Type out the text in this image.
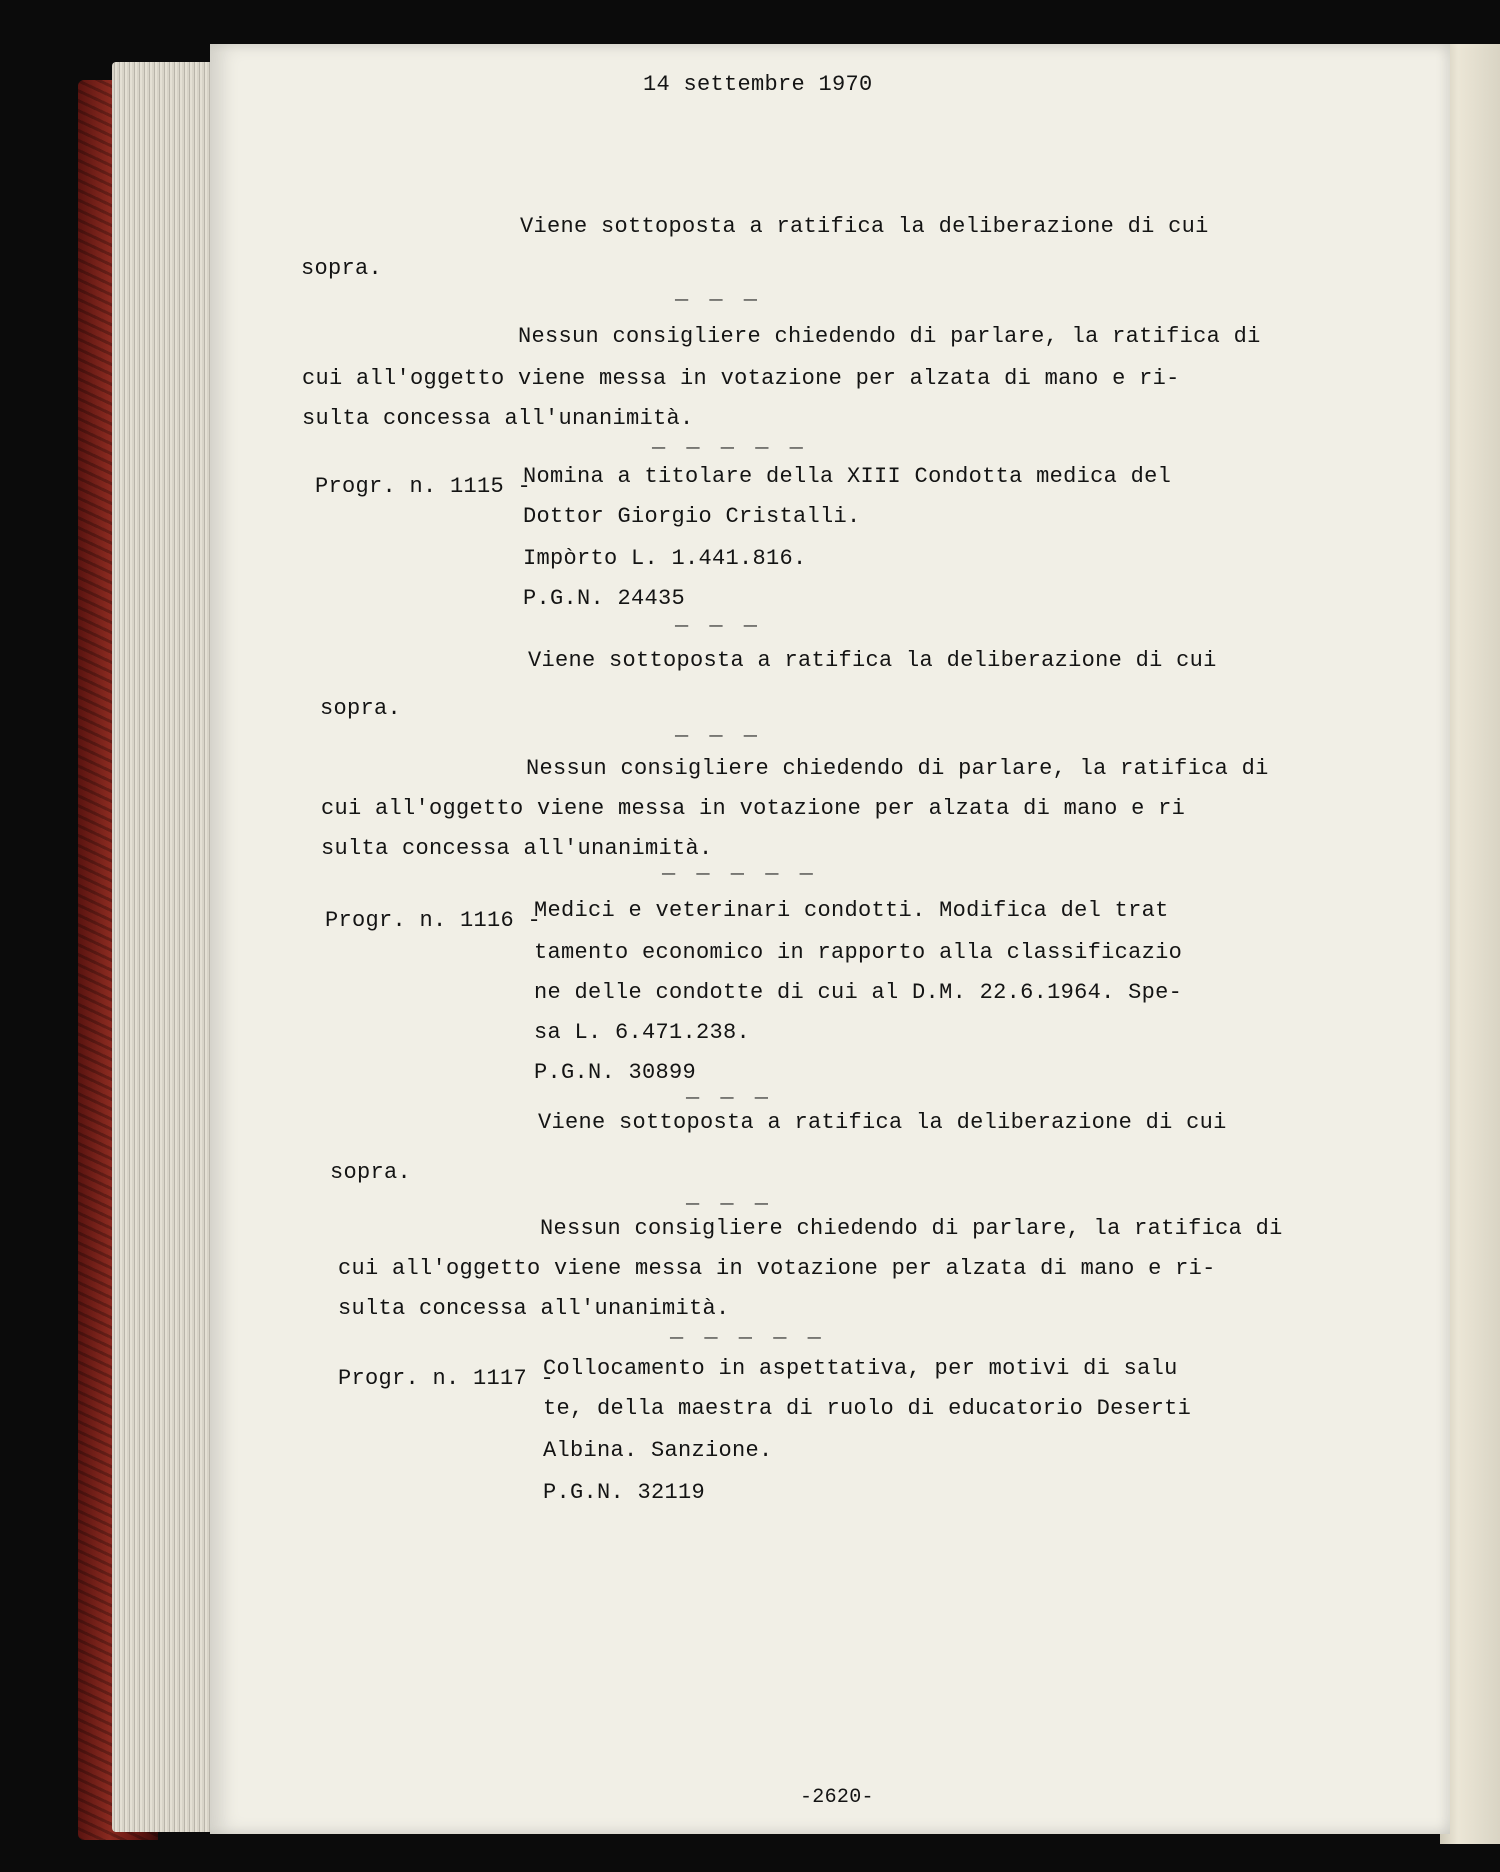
14 settembre 1970
Viene sottoposta a ratifica la deliberazione di cui
sopra.
_ _ _
Nessun consigliere chiedendo di parlare, la ratifica di
cui all'oggetto viene messa in votazione per alzata di mano e ri-
sulta concessa all'unanimità.
_ _ _ _ _
Progr. n. 1115 -
Nomina a titolare della XIII Condotta medica del
Dottor Giorgio Cristalli.
Impòrto L. 1.441.816.
P.G.N. 24435
_ _ _
Viene sottoposta a ratifica la deliberazione di cui
sopra.
_ _ _
Nessun consigliere chiedendo di parlare, la ratifica di
cui all'oggetto viene messa in votazione per alzata di mano e ri
sulta concessa all'unanimità.
_ _ _ _ _
Progr. n. 1116 -
Medici e veterinari condotti. Modifica del trat
tamento economico in rapporto alla classificazio
ne delle condotte di cui al D.M. 22.6.1964. Spe-
sa L. 6.471.238.
P.G.N. 30899
_ _ _
Viene sottoposta a ratifica la deliberazione di cui
sopra.
_ _ _
Nessun consigliere chiedendo di parlare, la ratifica di
cui all'oggetto viene messa in votazione per alzata di mano e ri-
sulta concessa all'unanimità.
_ _ _ _ _
Progr. n. 1117 -
Collocamento in aspettativa, per motivi di salu
te, della maestra di ruolo di educatorio Deserti
Albina. Sanzione.
P.G.N. 32119
-2620-
